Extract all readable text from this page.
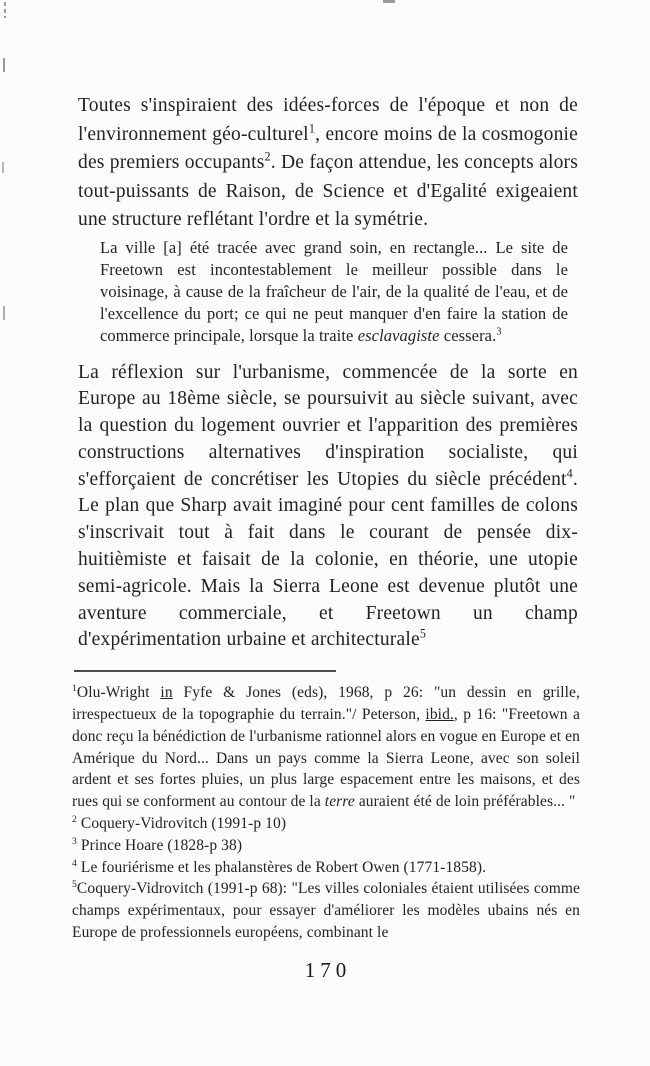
Toutes s'inspiraient des idées-forces de l'époque et non de l'environnement géo-culturel$^1$, encore moins de la cosmogonie des premiers occupants$^2$. De façon attendue, les concepts alors tout-puissants de Raison, de Science et d'Egalité exigeaient une structure reflétant l'ordre et la symétrie.

La ville [a] été tracée avec grand soin, en rectangle... Le site de Freetown est incontestablement le meilleur possible dans le voisinage, à cause de la fraîcheur de l'air, de la qualité de l'eau, et de l'excellence du port; ce qui ne peut manquer d'en faire la station de commerce principale, lorsque la traite esclavagiste cessera.$^3$

La réflexion sur l'urbanisme, commencée de la sorte en Europe au 18ème siècle, se poursuivit au siècle suivant, avec la question du logement ouvrier et l'apparition des premières constructions alternatives d'inspiration socialiste, qui s'efforçaient de concrétiser les Utopies du siècle précédent$^4$. Le plan que Sharp avait imaginé pour cent familles de colons s'inscrivait tout à fait dans le courant de pensée dix-huitièmiste et faisait de la colonie, en théorie, une utopie semi-agricole. Mais la Sierra Leone est devenue plutôt une aventure commerciale, et Freetown un champ d'expérimentation urbaine et architecturale$^5$

$^1$Olu-Wright in Fyfe & Jones (eds), 1968, p 26: "un dessin en grille, irrespectueux de la topographie du terrain."/ Peterson, ibid., p 16: "Freetown a donc reçu la bénédiction de l'urbanisme rationnel alors en vogue en Europe et en Amérique du Nord... Dans un pays comme la Sierra Leone, avec son soleil ardent et ses fortes pluies, un plus large espacement entre les maisons, et des rues qui se conforment au contour de la terre auraient été de loin préférables... "

$^2$ Coquery-Vidrovitch (1991-p 10)

$^3$ Prince Hoare (1828-p 38)

$^4$ Le fouriérisme et les phalanstères de Robert Owen (1771-1858).

$^5$Coquery-Vidrovitch (1991-p 68): "Les villes coloniales étaient utilisées comme champs expérimentaux, pour essayer d'améliorer les modèles ubains nés en Europe de professionnels européens, combinant le

170
